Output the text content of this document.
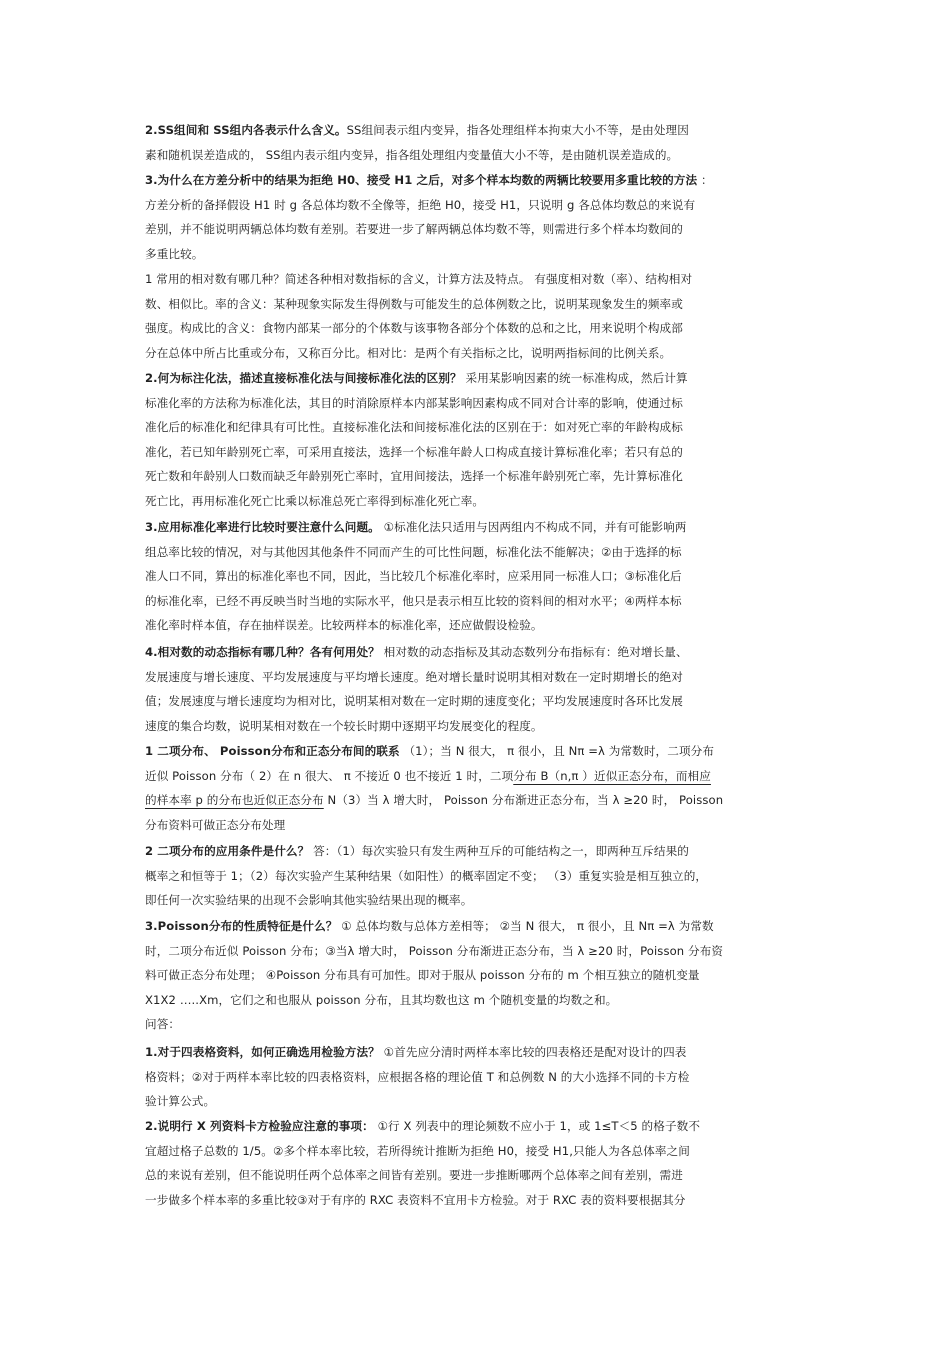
2.SS组间和 SS组内各表示什么含义。SS组间表示组内变异，指各处理组样本拘束大小不等，是由处理因
素和随机误差造成的， SS组内表示组内变异，指各组处理组内变量值大小不等，是由随机误差造成的。
3.为什么在方差分析中的结果为拒绝 H0、接受 H1 之后，对多个样本均数的两辆比较要用多重比较的方法 ：
方差分析的备择假设 H1 时 g 各总体均数不全像等，拒绝 H0，接受 H1，只说明 g 各总体均数总的来说有
差别，并不能说明两辆总体均数有差别。若要进一步了解两辆总体均数不等，则需进行多个样本均数间的
多重比较。
1 常用的相对数有哪几种？简述各种相对数指标的含义，计算方法及特点。 有强度相对数（率）、结构相对
数、相似比。率的含义：某种现象实际发生得例数与可能发生的总体例数之比，说明某现象发生的频率或
强度。构成比的含义：食物内部某一部分的个体数与该事物各部分个体数的总和之比，用来说明个构成部
分在总体中所占比重或分布，又称百分比。相对比：是两个有关指标之比，说明两指标间的比例关系。
2.何为标注化法，描述直接标准化法与间接标准化法的区别？ 采用某影响因素的统一标准构成，然后计算
标准化率的方法称为标准化法，其目的时消除原样本内部某影响因素构成不同对合计率的影响，使通过标
准化后的标准化和纪律具有可比性。直接标准化法和间接标准化法的区别在于：如对死亡率的年龄构成标
准化，若已知年龄别死亡率，可采用直接法，选择一个标准年龄人口构成直接计算标准化率；若只有总的
死亡数和年龄别人口数而缺乏年龄别死亡率时，宜用间接法，选择一个标准年龄别死亡率，先计算标准化
死亡比，再用标准化死亡比乘以标准总死亡率得到标准化死亡率。
3.应用标准化率进行比较时要注意什么问题。 ①标准化法只适用与因两组内不构成不同，并有可能影响两
组总率比较的情况，对与其他因其他条件不同而产生的可比性问题，标准化法不能解决；②由于选择的标
准人口不同，算出的标准化率也不同，因此，当比较几个标准化率时，应采用同一标准人口；③标准化后
的标准化率，已经不再反映当时当地的实际水平，他只是表示相互比较的资料间的相对水平；④两样本标
准化率时样本值，存在抽样误差。比较两样本的标准化率，还应做假设检验。
4.相对数的动态指标有哪几种？各有何用处？ 相对数的动态指标及其动态数列分布指标有：绝对增长量、
发展速度与增长速度、平均发展速度与平均增长速度。绝对增长量时说明其相对数在一定时期增长的绝对
值；发展速度与增长速度均为相对比，说明某相对数在一定时期的速度变化；平均发展速度时各环比发展
速度的集合均数，说明某相对数在一个较长时期中逐期平均发展变化的程度。
1 二项分布、 Poisson分布和正态分布间的联系 （1）；当 N 很大， π 很小，且 Nπ =λ 为常数时，二项分布
近似 Poisson 分布（ 2）在 n 很大、 π 不接近 0 也不接近 1 时，二项分布 B（n,π ）近似正态分布，而相应
的样本率 p 的分布也近似正态分布 N（3）当 λ 增大时， Poisson 分布渐进正态分布，当 λ ≥20 时， Poisson
分布资料可做正态分布处理
2 二项分布的应用条件是什么？ 答：（1）每次实验只有发生两种互斥的可能结构之一，即两种互斥结果的
概率之和恒等于 1；（2）每次实验产生某种结果（如阳性）的概率固定不变； （3）重复实验是相互独立的，
即任何一次实验结果的出现不会影响其他实验结果出现的概率。
3.Poisson分布的性质特征是什么？ ① 总体均数与总体方差相等； ②当 N 很大， π 很小，且 Nπ =λ 为常数
时，二项分布近似 Poisson 分布；③当λ 增大时， Poisson 分布渐进正态分布，当 λ ≥20 时，Poisson 分布资
料可做正态分布处理； ④Poisson 分布具有可加性。即对于服从 poisson 分布的 m 个相互独立的随机变量
X1X2 …..Xm，它们之和也服从 poisson 分布，且其均数也这 m 个随机变量的均数之和。
问答：
1.对于四表格资料，如何正确选用检验方法？ ①首先应分清时两样本率比较的四表格还是配对设计的四表
格资料；②对于两样本率比较的四表格资料，应根据各格的理论值 T 和总例数 N 的大小选择不同的卡方检
验计算公式。
2.说明行 X 列资料卡方检验应注意的事项： ①行 X 列表中的理论频数不应小于 1，或 1≤T＜5 的格子数不
宜超过格子总数的 1/5。②多个样本率比较，若所得统计推断为拒绝 H0，接受 H1,只能人为各总体率之间
总的来说有差别，但不能说明任两个总体率之间皆有差别。要进一步推断哪两个总体率之间有差别，需进
一步做多个样本率的多重比较③对于有序的 RXC 表资料不宜用卡方检验。对于 RXC 表的资料要根据其分
